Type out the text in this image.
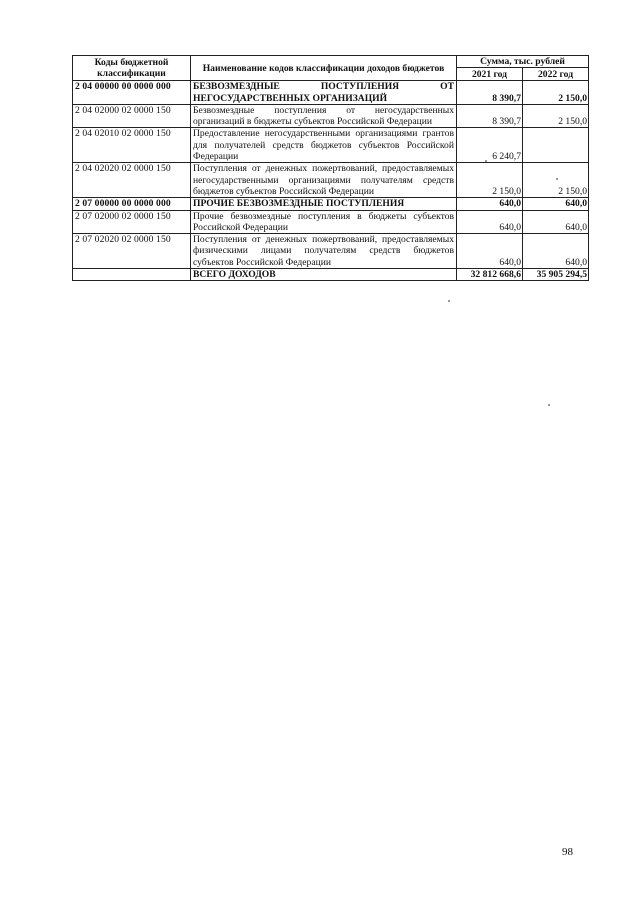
Коды бюджетной классификации	Наименование кодов классификации доходов бюджетов	Сумма, тыс. рублей	
		2021 год	2022 год
2 04 00000 00 0000 000	БЕЗВОЗМЕЗДНЫЕ ПОСТУПЛЕНИЯ ОТ НЕГОСУДАРСТВЕННЫХ ОРГАНИЗАЦИЙ	8 390,7	2 150,0
2 04 02000 02 0000 150	Безвозмездные поступления от негосударственных организаций в бюджеты субъектов Российской Федерации	8 390,7	2 150,0
2 04 02010 02 0000 150	Предоставление негосударственными организациями грантов для получателей средств бюджетов субъектов Российской Федерации	6 240,7	
2 04 02020 02 0000 150	Поступления от денежных пожертвований, предоставляемых негосударственными организациями получателям средств бюджетов субъектов Российской Федерации	2 150,0	2 150,0
2 07 00000 00 0000 000	ПРОЧИЕ БЕЗВОЗМЕЗДНЫЕ ПОСТУПЛЕНИЯ	640,0	640,0
2 07 02000 02 0000 150	Прочие безвозмездные поступления в бюджеты субъектов Российской Федерации	640,0	640,0
2 07 02020 02 0000 150	Поступления от денежных пожертвований, предоставляемых физическими лицами получателям средств бюджетов субъектов Российской Федерации	640,0	640,0
	ВСЕГО ДОХОДОВ	32 812 668,6	35 905 294,5
98
